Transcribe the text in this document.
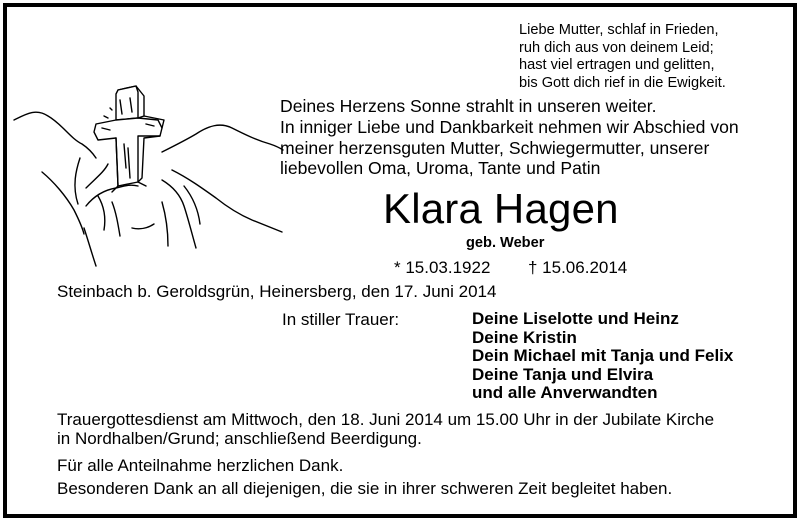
Liebe Mutter, schlaf in Frieden,
ruh dich aus von deinem Leid;
hast viel ertragen und gelitten,
bis Gott dich rief in die Ewigkeit.
Deines Herzens Sonne strahlt in unseren weiter.
In inniger Liebe und Dankbarkeit nehmen wir Abschied von
meiner herzensguten Mutter, Schwiegermutter, unserer
liebevollen Oma, Uroma, Tante und Patin
Klara Hagen
geb. Weber
* 15.03.1922 † 15.06.2014
Steinbach b. Geroldsgrün, Heinersberg, den 17. Juni 2014
In stiller Trauer:	Deine Liselotte und Heinz
Deine Kristin
Dein Michael mit Tanja und Felix
Deine Tanja und Elvira
und alle Anverwandten
Trauergottesdienst am Mittwoch, den 18. Juni 2014 um 15.00 Uhr in der Jubilate Kirche
in Nordhalben/Grund; anschließend Beerdigung.
Für alle Anteilnahme herzlichen Dank.
Besonderen Dank an all diejenigen, die sie in ihrer schweren Zeit begleitet haben.
